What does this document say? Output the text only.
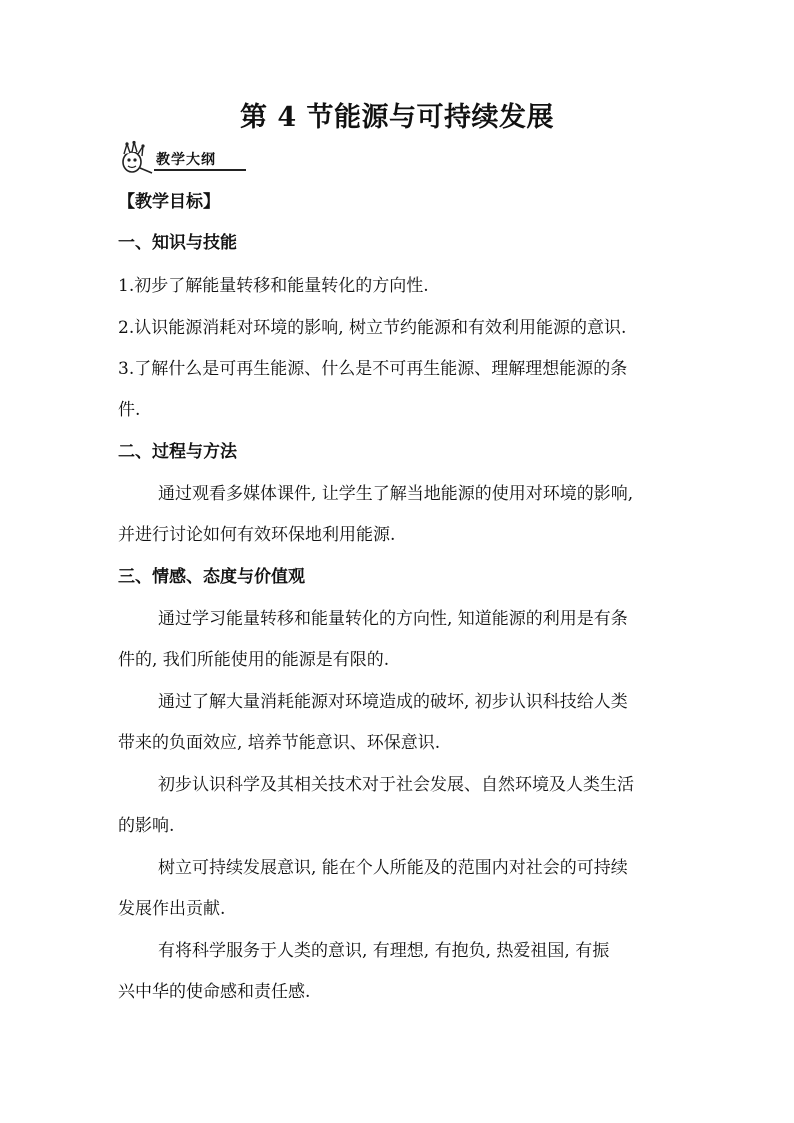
第 4 节能源与可持续发展
教学大纲

【教学目标】

一、知识与技能

1.初步了解能量转移和能量转化的方向性.

2.认识能源消耗对环境的影响, 树立节约能源和有效利用能源的意识.

3.了解什么是可再生能源、什么是不可再生能源、理解理想能源的条

件.

二、过程与方法

通过观看多媒体课件, 让学生了解当地能源的使用对环境的影响,

并进行讨论如何有效环保地利用能源.

三、情感、态度与价值观

通过学习能量转移和能量转化的方向性, 知道能源的利用是有条

件的, 我们所能使用的能源是有限的.

通过了解大量消耗能源对环境造成的破坏, 初步认识科技给人类

带来的负面效应, 培养节能意识、环保意识.

初步认识科学及其相关技术对于社会发展、自然环境及人类生活

的影响.

树立可持续发展意识, 能在个人所能及的范围内对社会的可持续

发展作出贡献.

有将科学服务于人类的意识, 有理想, 有抱负, 热爱祖国, 有振

兴中华的使命感和责任感.
